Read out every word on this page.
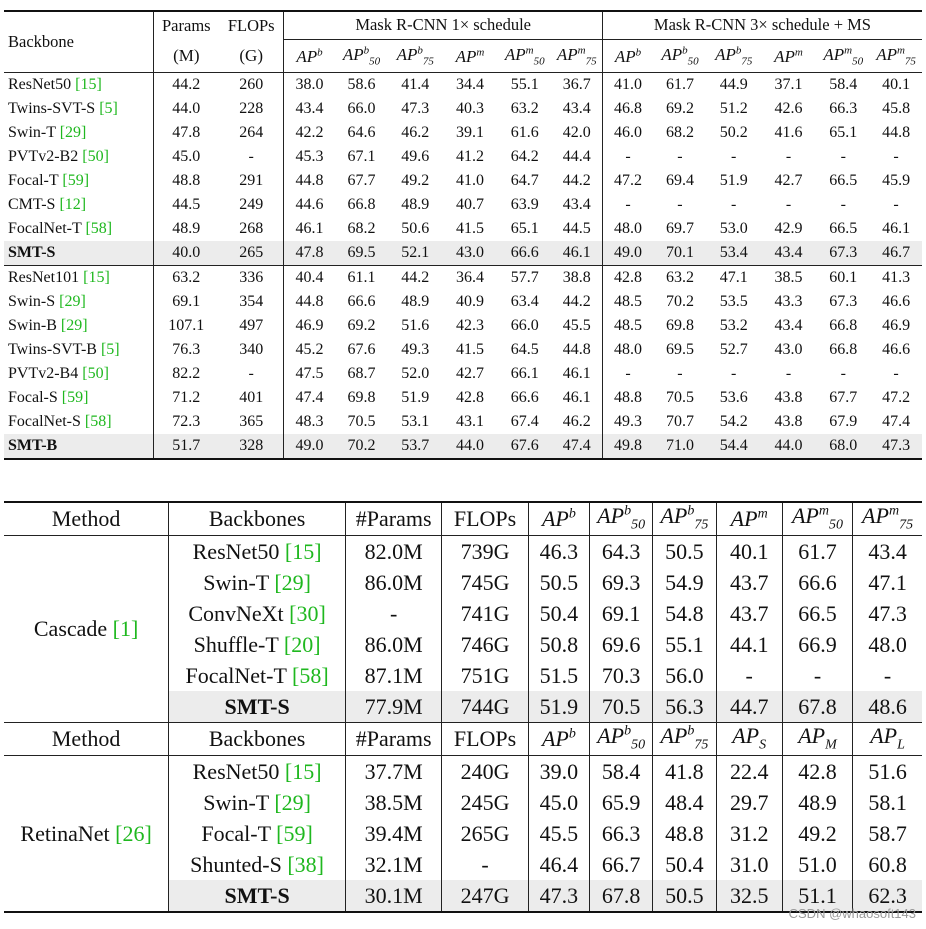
Backbone	Params	FLOPs	Mask R-CNN 1× schedule						Mask R-CNN 3× schedule + MS					
	(M)	(G)	$AP^b$	$AP^b_{50}$	$AP^b_{75}$	$AP^m$	$AP^m_{50}$	$AP^m_{75}$	$AP^b$	$AP^b_{50}$	$AP^b_{75}$	$AP^m$	$AP^m_{50}$	$AP^m_{75}$
ResNet50 [15]	44.2	260	38.0	58.6	41.4	34.4	55.1	36.7	41.0	61.7	44.9	37.1	58.4	40.1
Twins-SVT-S [5]	44.0	228	43.4	66.0	47.3	40.3	63.2	43.4	46.8	69.2	51.2	42.6	66.3	45.8
Swin-T [29]	47.8	264	42.2	64.6	46.2	39.1	61.6	42.0	46.0	68.2	50.2	41.6	65.1	44.8
PVTv2-B2 [50]	45.0	-	45.3	67.1	49.6	41.2	64.2	44.4	-	-	-	-	-	-
Focal-T [59]	48.8	291	44.8	67.7	49.2	41.0	64.7	44.2	47.2	69.4	51.9	42.7	66.5	45.9
CMT-S [12]	44.5	249	44.6	66.8	48.9	40.7	63.9	43.4	-	-	-	-	-	-
FocalNet-T [58]	48.9	268	46.1	68.2	50.6	41.5	65.1	44.5	48.0	69.7	53.0	42.9	66.5	46.1
SMT-S	40.0	265	47.8	69.5	52.1	43.0	66.6	46.1	49.0	70.1	53.4	43.4	67.3	46.7
ResNet101 [15]	63.2	336	40.4	61.1	44.2	36.4	57.7	38.8	42.8	63.2	47.1	38.5	60.1	41.3
Swin-S [29]	69.1	354	44.8	66.6	48.9	40.9	63.4	44.2	48.5	70.2	53.5	43.3	67.3	46.6
Swin-B [29]	107.1	497	46.9	69.2	51.6	42.3	66.0	45.5	48.5	69.8	53.2	43.4	66.8	46.9
Twins-SVT-B [5]	76.3	340	45.2	67.6	49.3	41.5	64.5	44.8	48.0	69.5	52.7	43.0	66.8	46.6
PVTv2-B4 [50]	82.2	-	47.5	68.7	52.0	42.7	66.1	46.1	-	-	-	-	-	-
Focal-S [59]	71.2	401	47.4	69.8	51.9	42.8	66.6	46.1	48.8	70.5	53.6	43.8	67.7	47.2
FocalNet-S [58]	72.3	365	48.3	70.5	53.1	43.1	67.4	46.2	49.3	70.7	54.2	43.8	67.9	47.4
SMT-B	51.7	328	49.0	70.2	53.7	44.0	67.6	47.4	49.8	71.0	54.4	44.0	68.0	47.3
Method	Backbones	#Params	FLOPs	$AP^b$	$AP^b_{50}$	$AP^b_{75}$	$AP^m$	$AP^m_{50}$	$AP^m_{75}$
Cascade [1]	ResNet50 [15]	82.0M	739G	46.3	64.3	50.5	40.1	61.7	43.4
	Swin-T [29]	86.0M	745G	50.5	69.3	54.9	43.7	66.6	47.1
	ConvNeXt [30]	-	741G	50.4	69.1	54.8	43.7	66.5	47.3
	Shuffle-T [20]	86.0M	746G	50.8	69.6	55.1	44.1	66.9	48.0
	FocalNet-T [58]	87.1M	751G	51.5	70.3	56.0	-	-	-
	SMT-S	77.9M	744G	51.9	70.5	56.3	44.7	67.8	48.6
Method	Backbones	#Params	FLOPs	$AP^b$	$AP^b_{50}$	$AP^b_{75}$	$AP_S$	$AP_M$	$AP_L$
RetinaNet [26]	ResNet50 [15]	37.7M	240G	39.0	58.4	41.8	22.4	42.8	51.6
	Swin-T [29]	38.5M	245G	45.0	65.9	48.4	29.7	48.9	58.1
	Focal-T [59]	39.4M	265G	45.5	66.3	48.8	31.2	49.2	58.7
	Shunted-S [38]	32.1M	-	46.4	66.7	50.4	31.0	51.0	60.8
	SMT-S	30.1M	247G	47.3	67.8	50.5	32.5	51.1	62.3
CSDN @whaosoft143
